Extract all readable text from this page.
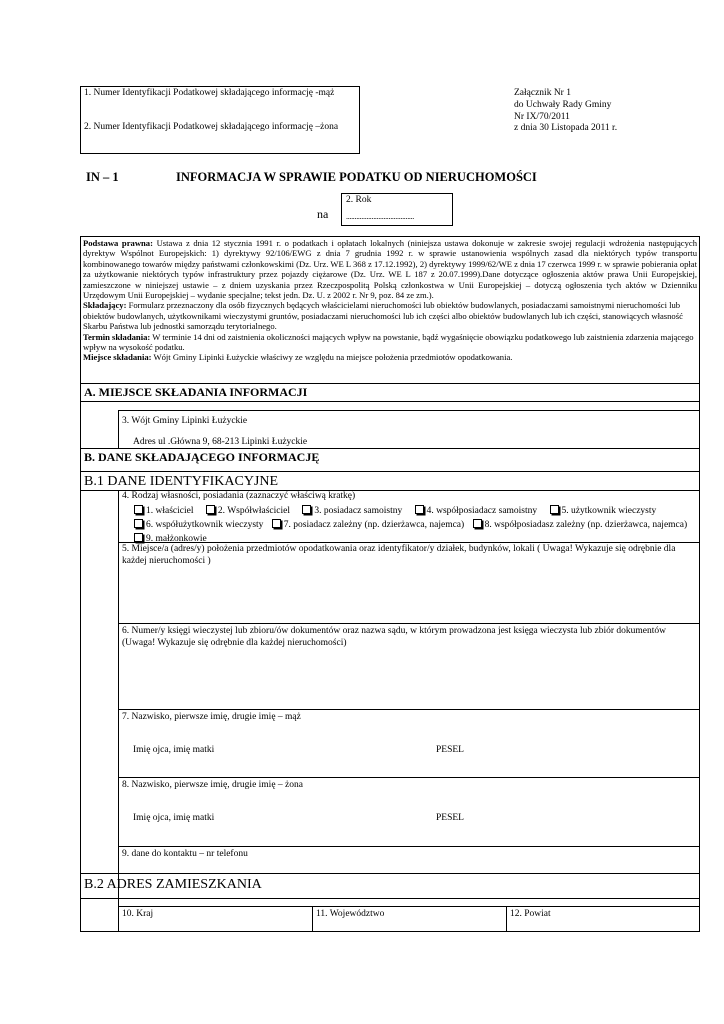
1. Numer Identyfikacji Podatkowej składającego informację -mąż
2. Numer Identyfikacji Podatkowej składającego informację –żona
Załącznik Nr 1
do Uchwały Rady Gminy
Nr IX/70/2011
z dnia 30 Listopada 2011 r.
IN – 1	INFORMACJA W SPRAWIE PODATKU OD NIERUCHOMOŚCI
na
2. Rok
........................................
Podstawa prawna: Ustawa z dnia 12 stycznia 1991 r. o podatkach i opłatach lokalnych (niniejsza ustawa dokonuje w zakresie swojej regulacji wdrożenia następujących dyrektyw Wspólnot Europejskich: 1) dyrektywy 92/106/EWG z dnia 7 grudnia 1992 r. w sprawie ustanowienia wspólnych zasad dla niektórych typów transportu kombinowanego towarów między państwami członkowskimi (Dz. Urz. WE L 368 z 17.12.1992), 2) dyrektywy 1999/62/WE z dnia 17 czerwca 1999 r. w sprawie pobierania opłat za użytkowanie niektórych typów infrastruktury przez pojazdy ciężarowe (Dz. Urz. WE L 187 z 20.07.1999).Dane dotyczące ogłoszenia aktów prawa Unii Europejskiej, zamieszczone w niniejszej ustawie – z dniem uzyskania przez Rzeczpospolitą Polską członkostwa w Unii Europejskiej – dotyczą ogłoszenia tych aktów w Dzienniku Urzędowym Unii Europejskiej – wydanie specjalne; tekst jedn. Dz. U. z 2002 r. Nr 9, poz. 84 ze zm.).
Składający: Formularz przeznaczony dla osób fizycznych będących właścicielami nieruchomości lub obiektów budowlanych, posiadaczami samoistnymi nieruchomości lub obiektów budowlanych, użytkownikami wieczystymi gruntów, posiadaczami nieruchomości lub ich części albo obiektów budowlanych lub ich części, stanowiących własność Skarbu Państwa lub jednostki samorządu terytorialnego.
Termin składania: W terminie 14 dni od zaistnienia okoliczności mających wpływ na powstanie, bądź wygaśnięcie obowiązku podatkowego lub zaistnienia zdarzenia mającego wpływ na wysokość podatku.
Miejsce składania: Wójt Gminy Lipinki Łużyckie właściwy ze względu na miejsce położenia przedmiotów opodatkowania.
A. MIEJSCE SKŁADANIA INFORMACJI
3. Wójt Gminy Lipinki Łużyckie
Adres ul .Główna 9, 68-213 Lipinki Łużyckie
B. DANE SKŁADAJĄCEGO INFORMACJĘ
B.1 DANE IDENTYFIKACYJNE
4. Rodzaj własności, posiadania (zaznaczyć właściwą kratkę)
1. właściciel	2. Współwłaściciel	3. posiadacz samoistny	4. współposiadacz samoistny	5. użytkownik wieczysty
6. współużytkownik wieczysty 7. posiadacz zależny (np. dzierżawca, najemca) 8. współposiadasz zależny (np. dzierżawca, najemca)
9. małżonkowie
5. Miejsce/a (adres/y) położenia przedmiotów opodatkowania oraz identyfikator/y działek, budynków, lokali ( Uwaga! Wykazuje się odrębnie dla każdej nieruchomości )
6. Numer/y księgi wieczystej lub zbioru/ów dokumentów oraz nazwa sądu, w którym prowadzona jest księga wieczysta lub zbiór dokumentów (Uwaga! Wykazuje się odrębnie dla każdej nieruchomości)
7. Nazwisko, pierwsze imię, drugie imię – mąż
Imię ojca, imię matki	PESEL
8. Nazwisko, pierwsze imię, drugie imię – żona
Imię ojca, imię matki	PESEL
9. dane do kontaktu – nr telefonu
B.2 ADRES ZAMIESZKANIA
10. Kraj	11. Województwo	12. Powiat
